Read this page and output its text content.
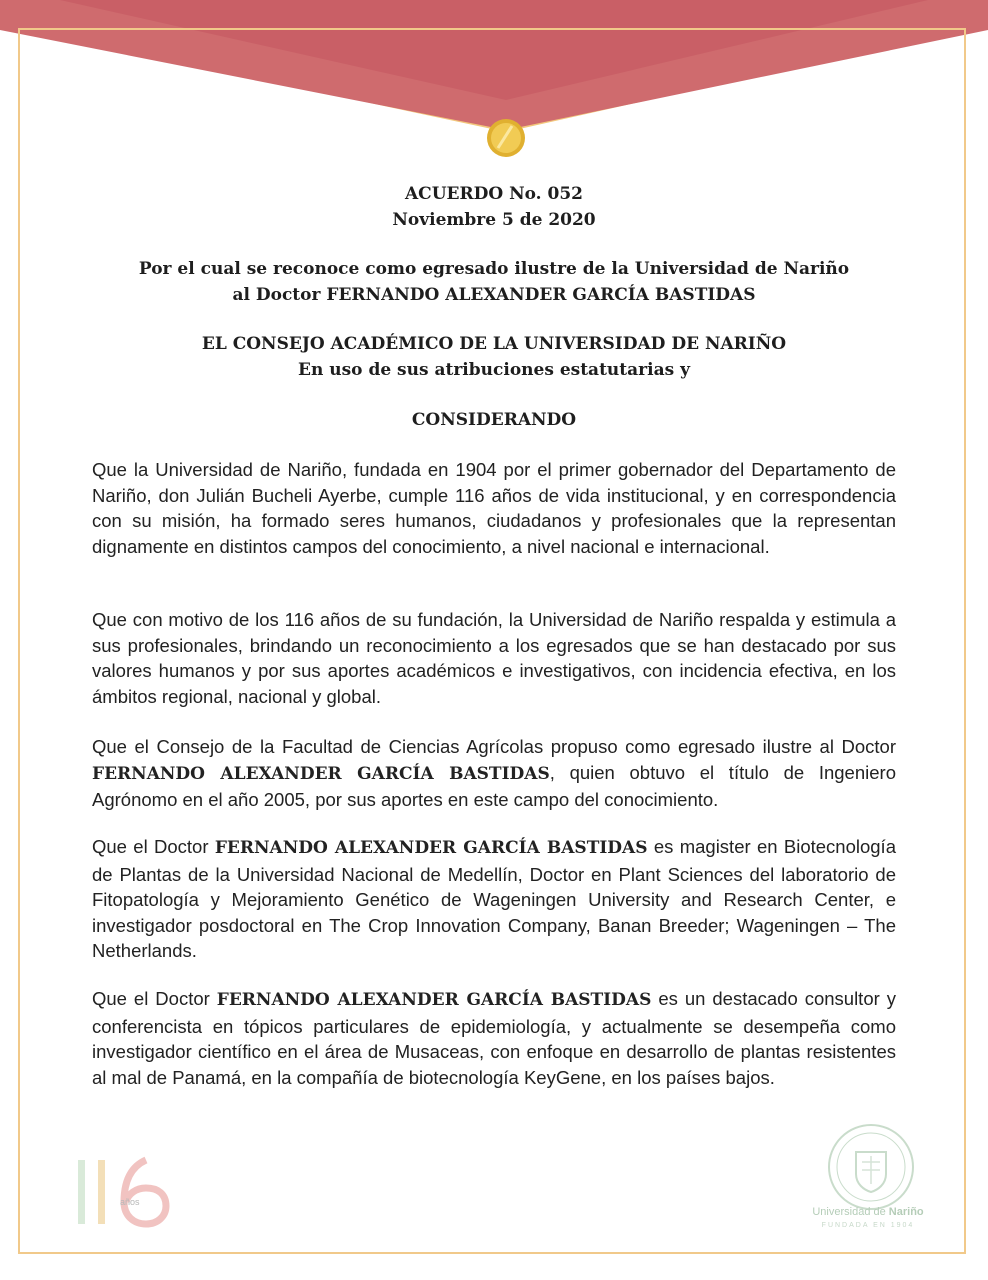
ACUERDO No. 052
Noviembre 5 de 2020
Por el cual se reconoce como egresado ilustre de la Universidad de Nariño
al Doctor FERNANDO ALEXANDER GARCÍA BASTIDAS
EL CONSEJO ACADÉMICO DE LA UNIVERSIDAD DE NARIÑO
En uso de sus atribuciones estatutarias y
CONSIDERANDO
Que la Universidad de Nariño, fundada en 1904 por el primer gobernador del Departamento de Nariño, don Julián Bucheli Ayerbe, cumple 116 años de vida institucional, y en correspondencia con su misión, ha formado seres humanos, ciudadanos y profesionales que la representan dignamente en distintos campos del conocimiento, a nivel nacional e internacional.
Que con motivo de los 116 años de su fundación, la Universidad de Nariño respalda y estimula a sus profesionales, brindando un reconocimiento a los egresados que se han destacado por sus valores humanos y por sus aportes académicos e investigativos, con incidencia efectiva, en los ámbitos regional, nacional y global.
Que el Consejo de la Facultad de Ciencias Agrícolas propuso como egresado ilustre al Doctor FERNANDO ALEXANDER GARCÍA BASTIDAS, quien obtuvo el título de Ingeniero Agrónomo en el año 2005, por sus aportes en este campo del conocimiento.
Que el Doctor FERNANDO ALEXANDER GARCÍA BASTIDAS es magister en Biotecnología de Plantas de la Universidad Nacional de Medellín, Doctor en Plant Sciences del laboratorio de Fitopatología y Mejoramiento Genético de Wageningen University and Research Center, e investigador posdoctoral en The Crop Innovation Company, Banan Breeder; Wageningen – The Netherlands.
Que el Doctor FERNANDO ALEXANDER GARCÍA BASTIDAS es un destacado consultor y conferencista en tópicos particulares de epidemiología, y actualmente se desempeña como investigador científico en el área de Musaceas, con enfoque en desarrollo de plantas resistentes al mal de Panamá, en la compañía de biotecnología KeyGene, en los países bajos.
años
Universidad de Nariño
FUNDADA EN 1904
